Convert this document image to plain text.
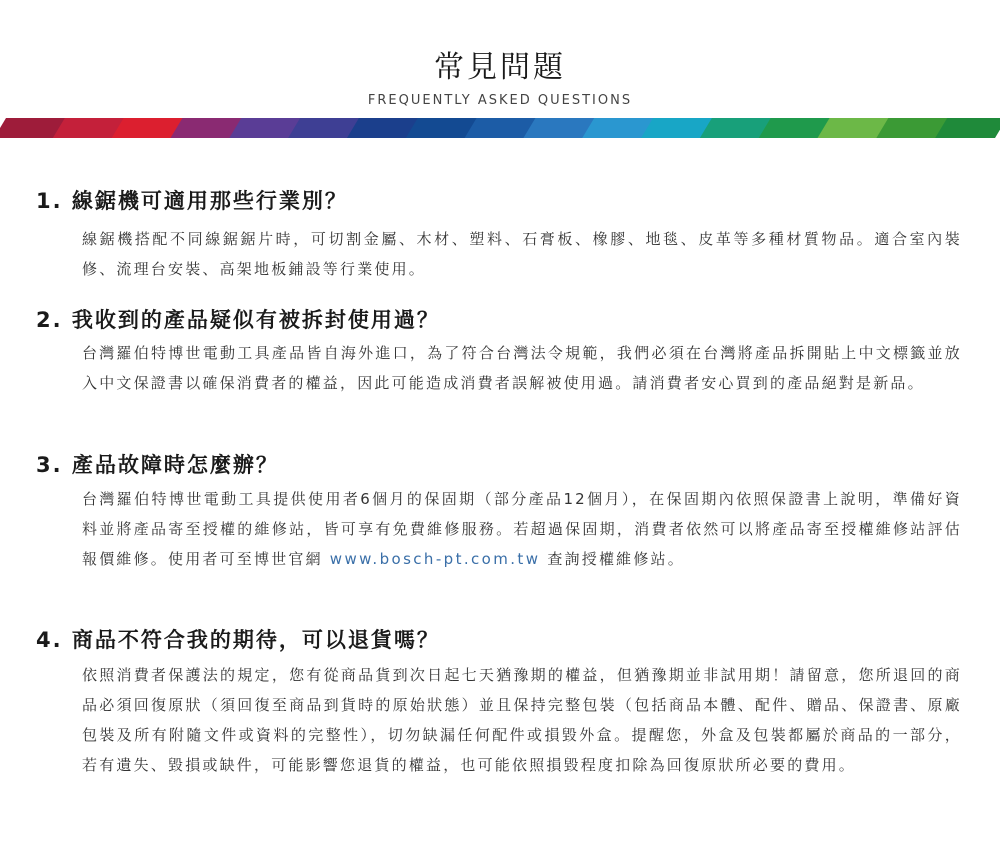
常見問題
FREQUENTLY ASKED QUESTIONS
1. 線鋸機可適用那些行業別？
線鋸機搭配不同線鋸鋸片時，可切割金屬、木材、塑料、石膏板、橡膠、地毯、皮革等多種材質物品。適合室內裝修、流理台安裝、高架地板鋪設等行業使用。
2. 我收到的產品疑似有被拆封使用過？
台灣羅伯特博世電動工具產品皆自海外進口，為了符合台灣法令規範，我們必須在台灣將產品拆開貼上中文標籤並放入中文保證書以確保消費者的權益，因此可能造成消費者誤解被使用過。請消費者安心買到的產品絕對是新品。
3. 產品故障時怎麼辦？
台灣羅伯特博世電動工具提供使用者6個月的保固期（部分產品12個月），在保固期內依照保證書上說明，準備好資料並將產品寄至授權的維修站，皆可享有免費維修服務。若超過保固期，消費者依然可以將產品寄至授權維修站評估報價維修。使用者可至博世官網 www.bosch-pt.com.tw 查詢授權維修站。
4. 商品不符合我的期待，可以退貨嗎？
依照消費者保護法的規定，您有從商品貨到次日起七天猶豫期的權益，但猶豫期並非試用期！請留意，您所退回的商品必須回復原狀（須回復至商品到貨時的原始狀態）並且保持完整包裝（包括商品本體、配件、贈品、保證書、原廠包裝及所有附隨文件或資料的完整性），切勿缺漏任何配件或損毀外盒。提醒您，外盒及包裝都屬於商品的一部分，若有遺失、毀損或缺件，可能影響您退貨的權益，也可能依照損毀程度扣除為回復原狀所必要的費用。
